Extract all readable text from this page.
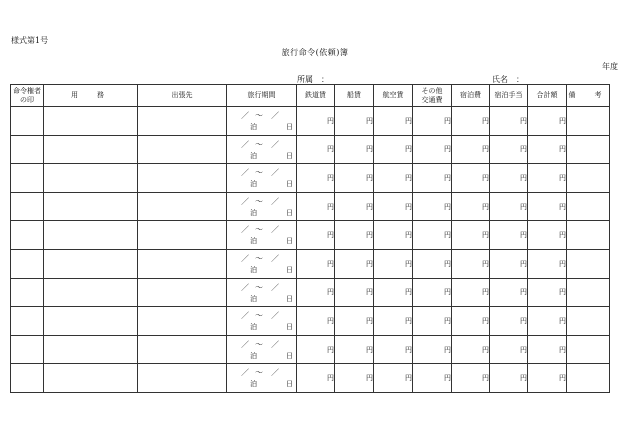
様式第1号
旅行命令(依頼)簿
年度
所属　：	氏名　：
命令権者
の印	用　務	出張先	旅行期間	鉄道賃	船賃	航空賃	その他
交通費	宿泊費	宿泊手当	合計額	備　考

			／ ～ ／
泊 日	円	円	円	円	円	円	円	

			／ ～ ／
泊 日	円	円	円	円	円	円	円	

			／ ～ ／
泊 日	円	円	円	円	円	円	円	

			／ ～ ／
泊 日	円	円	円	円	円	円	円	

			／ ～ ／
泊 日	円	円	円	円	円	円	円	

			／ ～ ／
泊 日	円	円	円	円	円	円	円	

			／ ～ ／
泊 日	円	円	円	円	円	円	円	

			／ ～ ／
泊 日	円	円	円	円	円	円	円	

			／ ～ ／
泊 日	円	円	円	円	円	円	円	

			／ ～ ／
泊 日	円	円	円	円	円	円	円	
